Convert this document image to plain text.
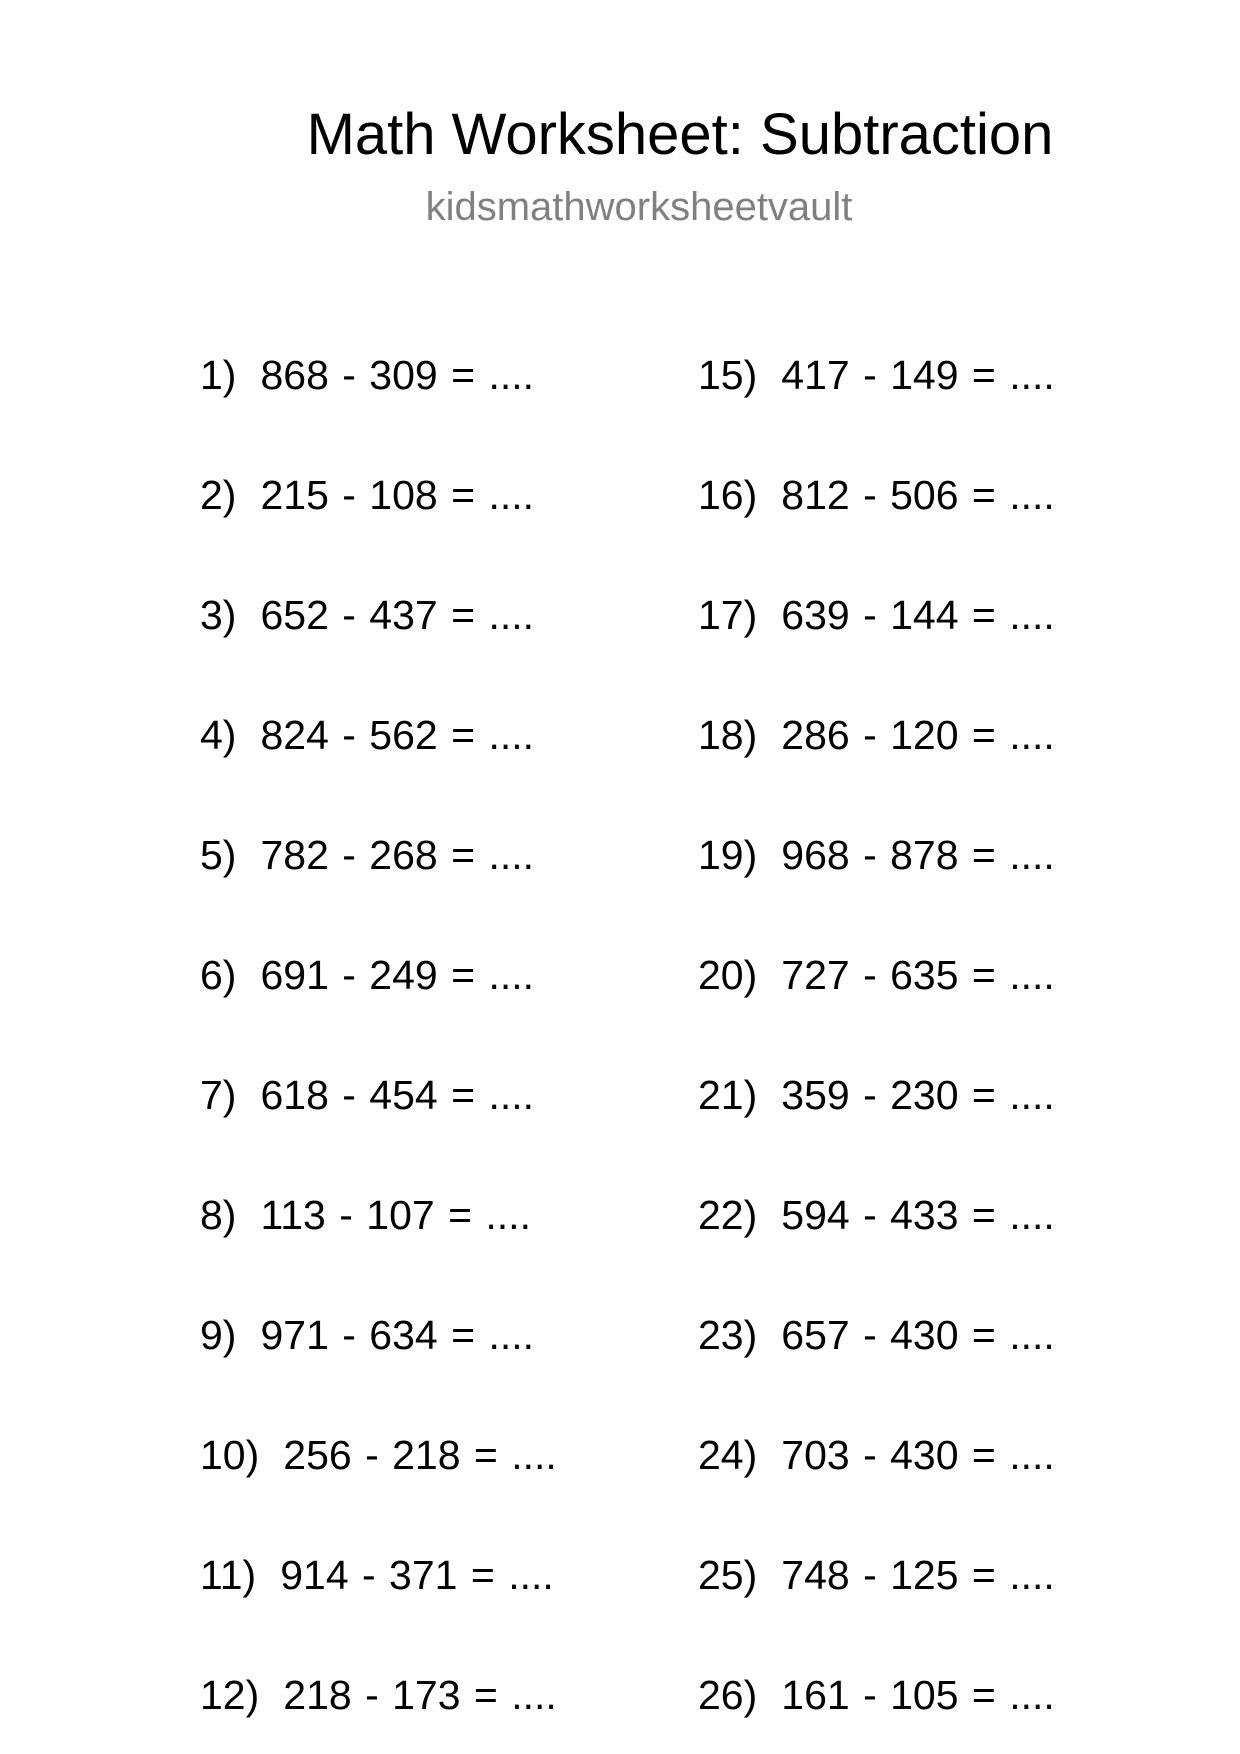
Math Worksheet: Subtraction
kidsmathworksheetvault
1) 868 - 309 = ....
2) 215 - 108 = ....
3) 652 - 437 = ....
4) 824 - 562 = ....
5) 782 - 268 = ....
6) 691 - 249 = ....
7) 618 - 454 = ....
8) 113 - 107 = ....
9) 971 - 634 = ....
10) 256 - 218 = ....
11) 914 - 371 = ....
12) 218 - 173 = ....
15) 417 - 149 = ....
16) 812 - 506 = ....
17) 639 - 144 = ....
18) 286 - 120 = ....
19) 968 - 878 = ....
20) 727 - 635 = ....
21) 359 - 230 = ....
22) 594 - 433 = ....
23) 657 - 430 = ....
24) 703 - 430 = ....
25) 748 - 125 = ....
26) 161 - 105 = ....
